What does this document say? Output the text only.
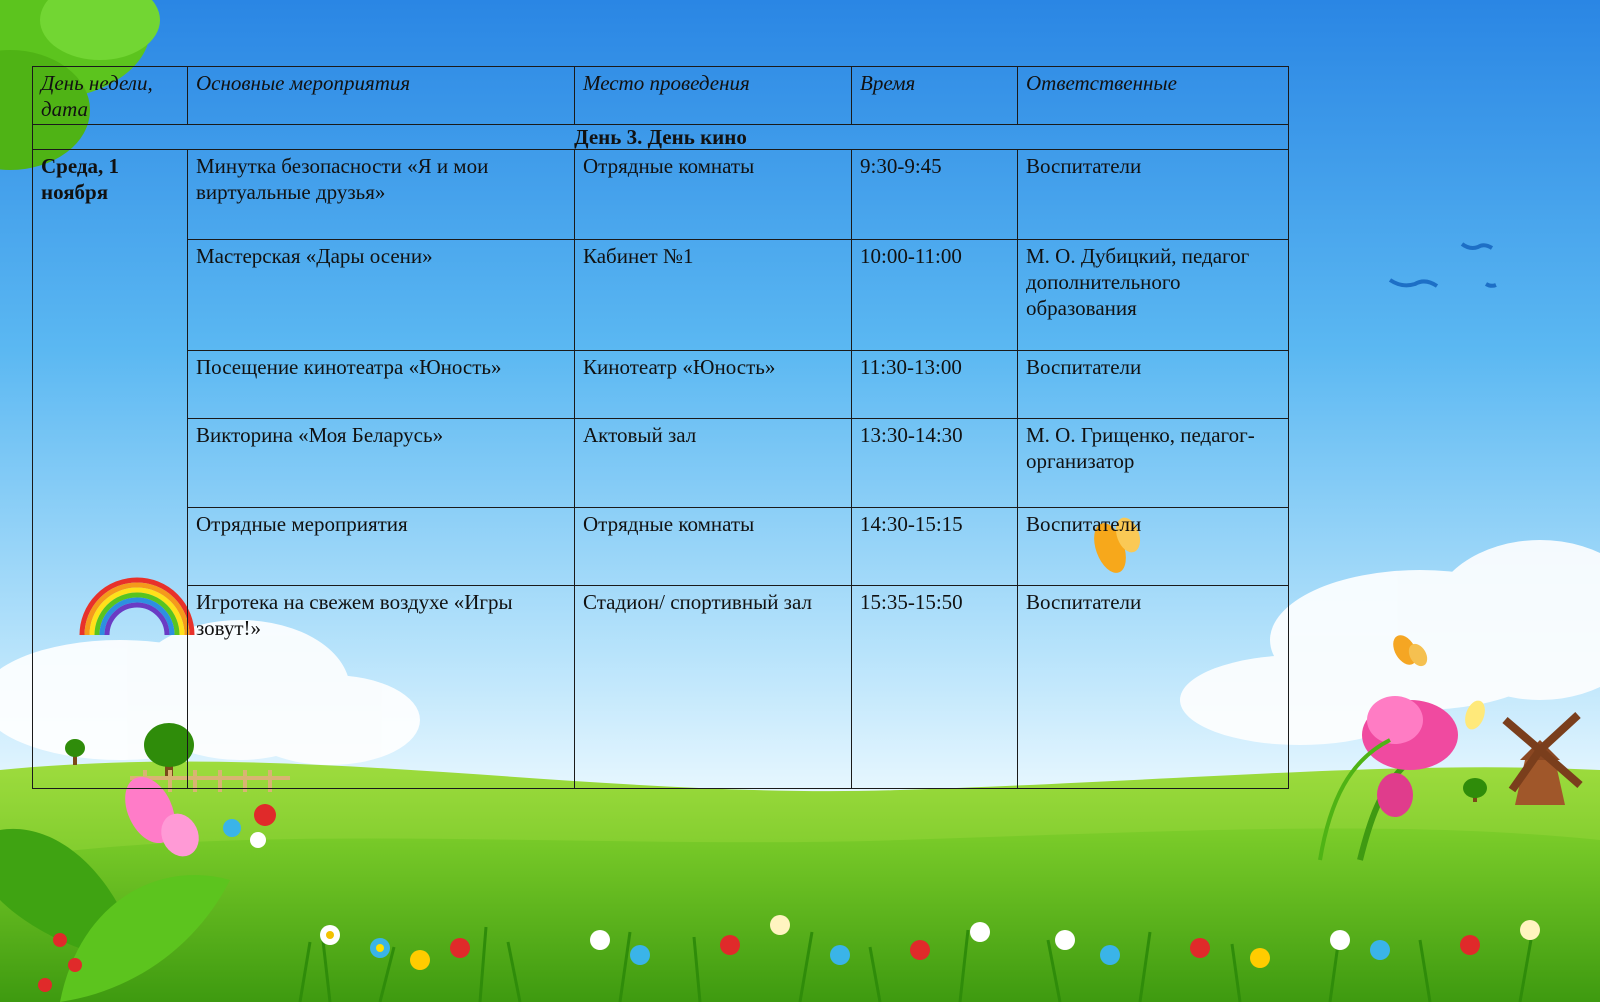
День недели, дата	Основные мероприятия	Место проведения	Время	Ответственные
День 3. День кино				
Среда, 1 ноября	Минутка безопасности «Я и мои виртуальные друзья»	Отрядные комнаты	9:30-9:45	Воспитатели
	Мастерская «Дары осени»	Кабинет №1	10:00-11:00	М. О. Дубицкий, педагог дополнительного образования
	Посещение кинотеатра «Юность»	Кинотеатр «Юность»	11:30-13:00	Воспитатели
	Викторина «Моя Беларусь»	Актовый зал	13:30-14:30	М. О. Грищенко, педагог-организатор
	Отрядные мероприятия	Отрядные комнаты	14:30-15:15	Воспитатели
	Игротека на свежем воздухе «Игры зовут!»	Стадион/ спортивный зал	15:35-15:50	Воспитатели
